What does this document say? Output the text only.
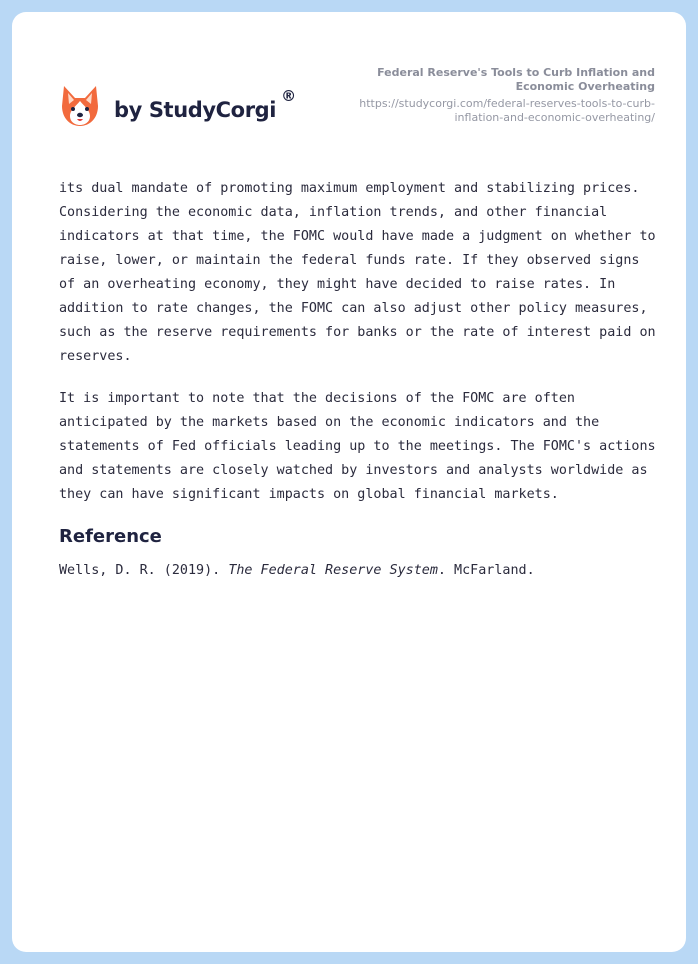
by StudyCorgi
®
Federal Reserve's Tools to Curb Inflation and Economic Overheating
https://studycorgi.com/federal-reserves-tools-to-curb-inflation-and-economic-overheating/

its dual mandate of promoting maximum employment and stabilizing prices. Considering the economic data, inflation trends, and other financial indicators at that time, the FOMC would have made a judgment on whether to raise, lower, or maintain the federal funds rate. If they observed signs of an overheating economy, they might have decided to raise rates. In addition to rate changes, the FOMC can also adjust other policy measures, such as the reserve requirements for banks or the rate of interest paid on reserves.

It is important to note that the decisions of the FOMC are often anticipated by the markets based on the economic indicators and the statements of Fed officials leading up to the meetings. The FOMC's actions and statements are closely watched by investors and analysts worldwide as they can have significant impacts on global financial markets.

Reference

Wells, D. R. (2019). The Federal Reserve System. McFarland.
